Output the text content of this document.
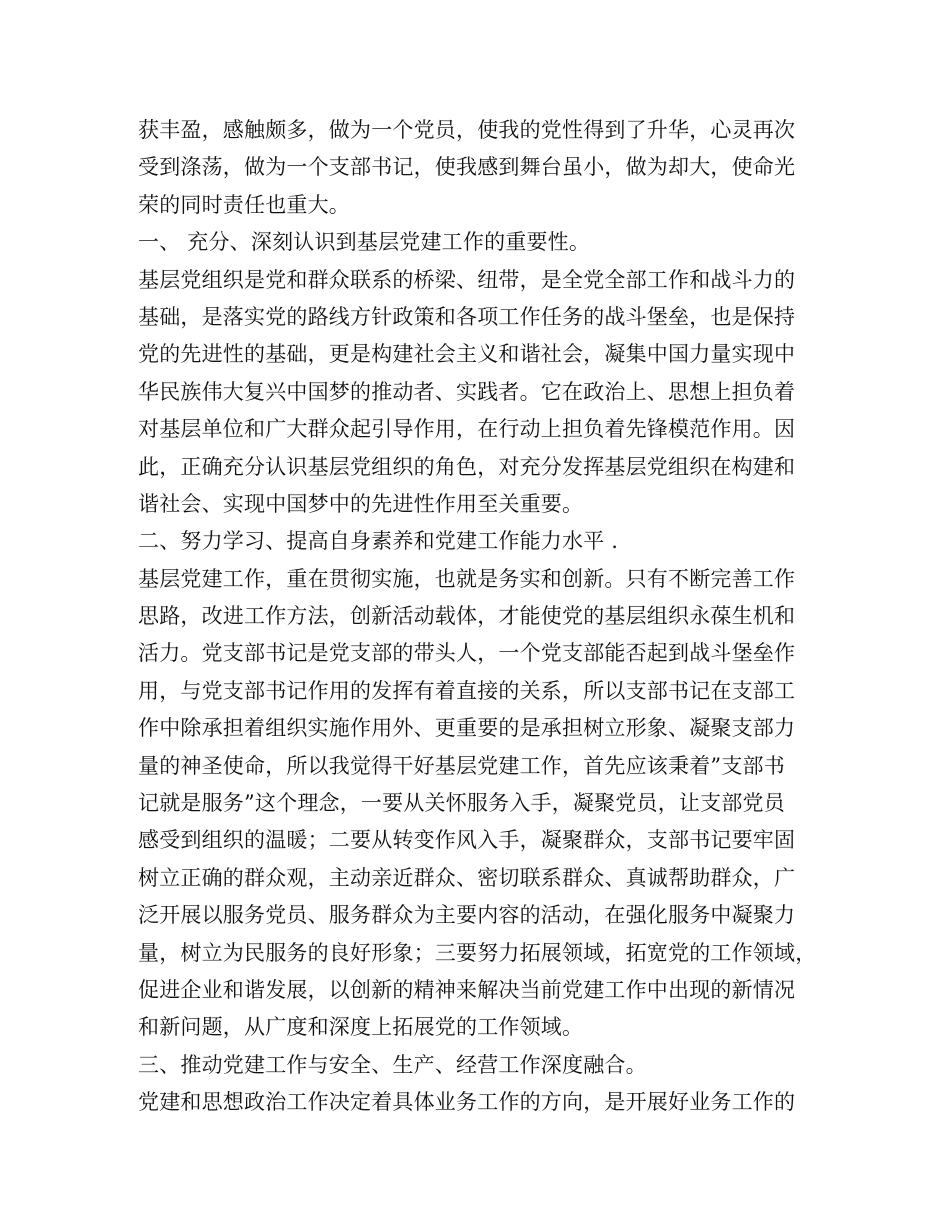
获丰盈，感触颇多，做为一个党员，使我的党性得到了升华，心灵再次
受到涤荡，做为一个支部书记，使我感到舞台虽小，做为却大，使命光
荣的同时责任也重大。
一、 充分、深刻认识到基层党建工作的重要性。
基层党组织是党和群众联系的桥梁、纽带，是全党全部工作和战斗力的
基础，是落实党的路线方针政策和各项工作任务的战斗堡垒，也是保持
党的先进性的基础，更是构建社会主义和谐社会，凝集中国力量实现中
华民族伟大复兴中国梦的推动者、实践者。它在政治上、思想上担负着
对基层单位和广大群众起引导作用，在行动上担负着先锋模范作用。因
此，正确充分认识基层党组织的角色，对充分发挥基层党组织在构建和
谐社会、实现中国梦中的先进性作用至关重要。
二、努力学习、提高自身素养和党建工作能力水平 .
基层党建工作，重在贯彻实施，也就是务实和创新。只有不断完善工作
思路，改进工作方法，创新活动载体，才能使党的基层组织永葆生机和
活力。党支部书记是党支部的带头人，一个党支部能否起到战斗堡垒作
用，与党支部书记作用的发挥有着直接的关系，所以支部书记在支部工
作中除承担着组织实施作用外、更重要的是承担树立形象、凝聚支部力
量的神圣使命，所以我觉得干好基层党建工作，首先应该秉着”支部书
记就是服务”这个理念，一要从关怀服务入手，凝聚党员，让支部党员
感受到组织的温暖；二要从转变作风入手，凝聚群众，支部书记要牢固
树立正确的群众观，主动亲近群众、密切联系群众、真诚帮助群众，广
泛开展以服务党员、服务群众为主要内容的活动，在强化服务中凝聚力
量，树立为民服务的良好形象；三要努力拓展领域，拓宽党的工作领域，
促进企业和谐发展，以创新的精神来解决当前党建工作中出现的新情况
和新问题，从广度和深度上拓展党的工作领域。
三、推动党建工作与安全、生产、经营工作深度融合。
党建和思想政治工作决定着具体业务工作的方向，是开展好业务工作的
